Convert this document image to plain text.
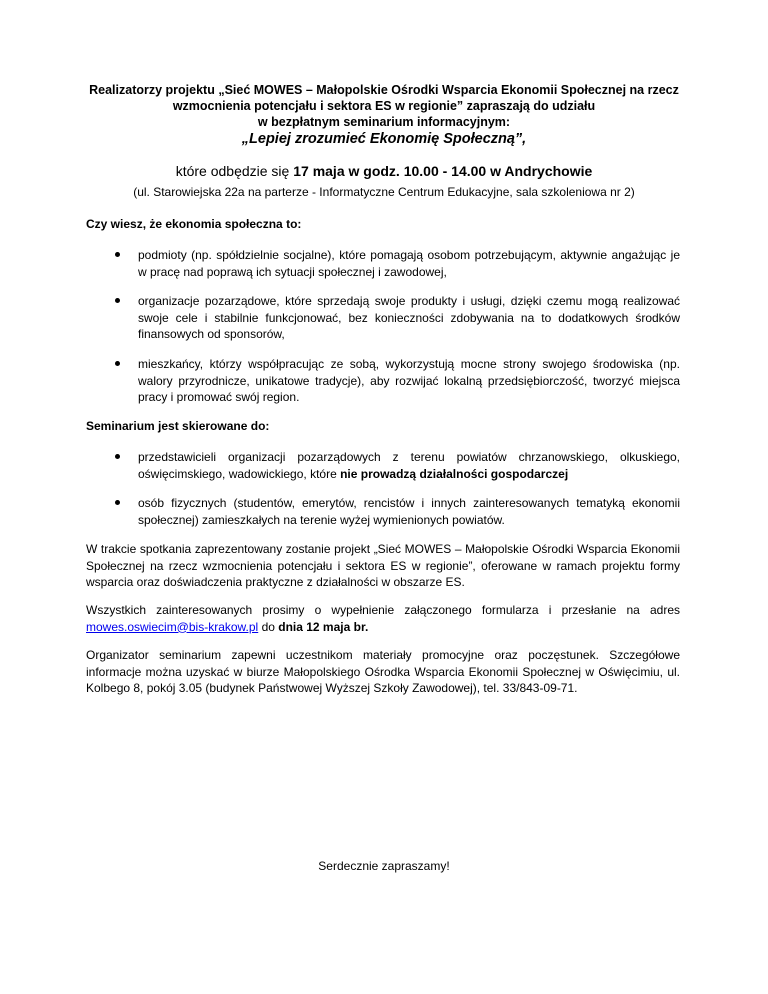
Realizatorzy projektu „Sieć MOWES – Małopolskie Ośrodki Wsparcia Ekonomii Społecznej na rzecz
wzmocnienia potencjału i sektora ES w regionie” zapraszają do udziału
w bezpłatnym seminarium informacyjnym:
„Lepiej zrozumieć Ekonomię Społeczną”,
które odbędzie się 17 maja w godz. 10.00 - 14.00 w Andrychowie
(ul. Starowiejska 22a na parterze - Informatyczne Centrum Edukacyjne, sala szkoleniowa nr 2)
Czy wiesz, że ekonomia społeczna to:
podmioty (np. spółdzielnie socjalne), które pomagają osobom potrzebującym, aktywnie angażując je w pracę nad poprawą ich sytuacji społecznej i zawodowej,
organizacje pozarządowe, które sprzedają swoje produkty i usługi, dzięki czemu mogą realizować swoje cele i stabilnie funkcjonować, bez konieczności zdobywania na to dodatkowych środków finansowych od sponsorów,
mieszkańcy, którzy współpracując ze sobą, wykorzystują mocne strony swojego środowiska (np. walory przyrodnicze, unikatowe tradycje), aby rozwijać lokalną przedsiębiorczość, tworzyć miejsca pracy i promować swój region.
Seminarium jest skierowane do:
przedstawicieli organizacji pozarządowych z terenu powiatów chrzanowskiego, olkuskiego, oświęcimskiego, wadowickiego, które nie prowadzą działalności gospodarczej
osób fizycznych (studentów, emerytów, rencistów i innych zainteresowanych tematyką ekonomii społecznej) zamieszkałych na terenie wyżej wymienionych powiatów.
W trakcie spotkania zaprezentowany zostanie projekt „Sieć MOWES – Małopolskie Ośrodki Wsparcia Ekonomii Społecznej na rzecz wzmocnienia potencjału i sektora ES w regionie”, oferowane w ramach projektu formy wsparcia oraz doświadczenia praktyczne z działalności w obszarze ES.
Wszystkich zainteresowanych prosimy o wypełnienie załączonego formularza i przesłanie na adres mowes.oswiecim@bis-krakow.pl do dnia 12 maja br.
Organizator seminarium zapewni uczestnikom materiały promocyjne oraz poczęstunek. Szczegółowe informacje można uzyskać w biurze Małopolskiego Ośrodka Wsparcia Ekonomii Społecznej w Oświęcimiu, ul. Kolbego 8, pokój 3.05 (budynek Państwowej Wyższej Szkoły Zawodowej), tel. 33/843-09-71.
Serdecznie zapraszamy!
